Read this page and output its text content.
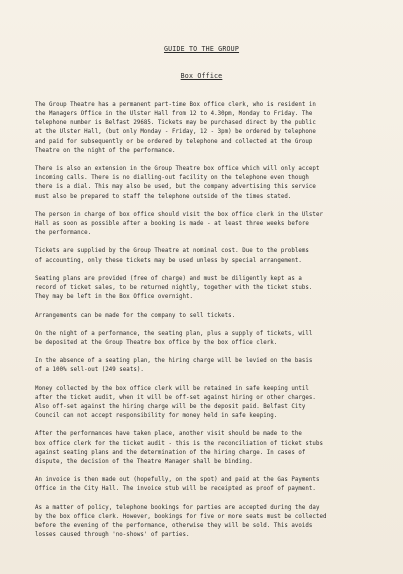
GUIDE TO THE GROUP
Box Office
The Group Theatre has a permanent part-time Box office clerk, who is resident in
the Managers Office in the Ulster Hall from 12 to 4.30pm, Monday to Friday. The
telephone number is Belfast 29685. Tickets may be purchased direct by the public
at the Ulster Hall, (but only Monday - Friday, 12 - 3pm) be ordered by telephone
and paid for subsequently or be ordered by telephone and collected at the Group
Theatre on the night of the performance.
There is also an extension in the Group Theatre box office which will only accept
incoming calls. There is no dialling-out facility on the telephone even though
there is a dial. This may also be used, but the company advertising this service
must also be prepared to staff the telephone outside of the times stated.
The person in charge of box office should visit the box office clerk in the Ulster
Hall as soon as possible after a booking is made - at least three weeks before
the performance.
Tickets are supplied by the Group Theatre at nominal cost. Due to the problems
of accounting, only these tickets may be used unless by special arrangement.
Seating plans are provided (free of charge) and must be diligently kept as a
record of ticket sales, to be returned nightly, together with the ticket stubs.
They may be left in the Box Office overnight.
Arrangements can be made for the company to sell tickets.
On the night of a performance, the seating plan, plus a supply of tickets, will
be deposited at the Group Theatre box office by the box office clerk.
In the absence of a seating plan, the hiring charge will be levied on the basis
of a 100% sell-out (249 seats).
Money collected by the box office clerk will be retained in safe keeping until
after the ticket audit, when it will be off-set against hiring or other charges.
Also off-set against the hiring charge will be the deposit paid. Belfast City
Council can not accept responsibility for money held in safe keeping.
After the performances have taken place, another visit should be made to the
box office clerk for the ticket audit - this is the reconciliation of ticket stubs
against seating plans and the determination of the hiring charge. In cases of
dispute, the decision of the Theatre Manager shall be binding.
An invoice is then made out (hopefully, on the spot) and paid at the Gas Payments
Office in the City Hall. The invoice stub will be receipted as proof of payment.
As a matter of policy, telephone bookings for parties are accepted during the day
by the box office clerk. However, bookings for five or more seats must be collected
before the evening of the performance, otherwise they will be sold. This avoids
losses caused through 'no-shows' of parties.
